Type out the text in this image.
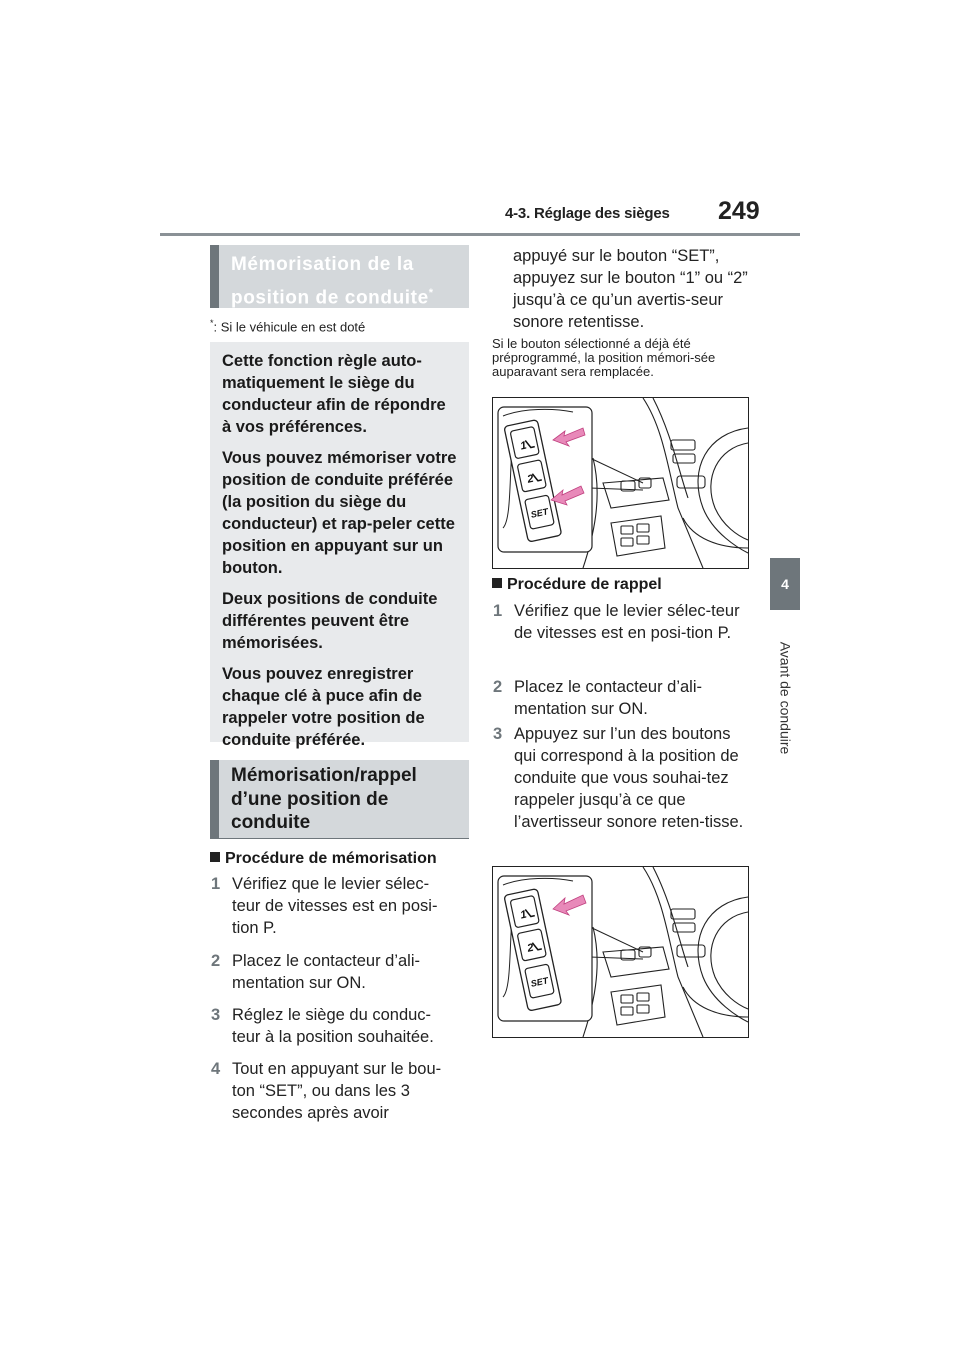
4-3. Réglage des sièges 249
4
Avant de conduire
Mémorisation de la
position de conduite*
*: Si le véhicule en est doté

Cette fonction règle auto-matiquement le siège du conducteur afin de répondre à vos préférences.

Vous pouvez mémoriser votre position de conduite préférée (la position du siège du conducteur) et rap-peler cette position en appuyant sur un bouton.

Deux positions de conduite différentes peuvent être mémorisées.

Vous pouvez enregistrer chaque clé à puce afin de rappeler votre position de conduite préférée.

Mémorisation/rappel d’une position de conduite
Procédure de mémorisation
1 Vérifiez que le levier sélec-teur de vitesses est en posi-tion P.
2 Placez le contacteur d’ali-mentation sur ON.
3 Réglez le siège du conduc-teur à la position souhaitée.
4 Tout en appuyant sur le bou-ton “SET”, ou dans les 3 secondes après avoir
appuyé sur le bouton “SET”, appuyez sur le bouton “1” ou “2” jusqu’à ce qu’un avertis-seur sonore retentisse.
Si le bouton sélectionné a déjà été préprogrammé, la position mémori-sée auparavant sera remplacée.
1
2
SET
Procédure de rappel
1 Vérifiez que le levier sélec-teur de vitesses est en posi-tion P.
2 Placez le contacteur d’ali-mentation sur ON.
3 Appuyez sur l’un des boutons qui correspond à la position de conduite que vous souhai-tez rappeler jusqu’à ce que l’avertisseur sonore reten-tisse.
1
2
SET
